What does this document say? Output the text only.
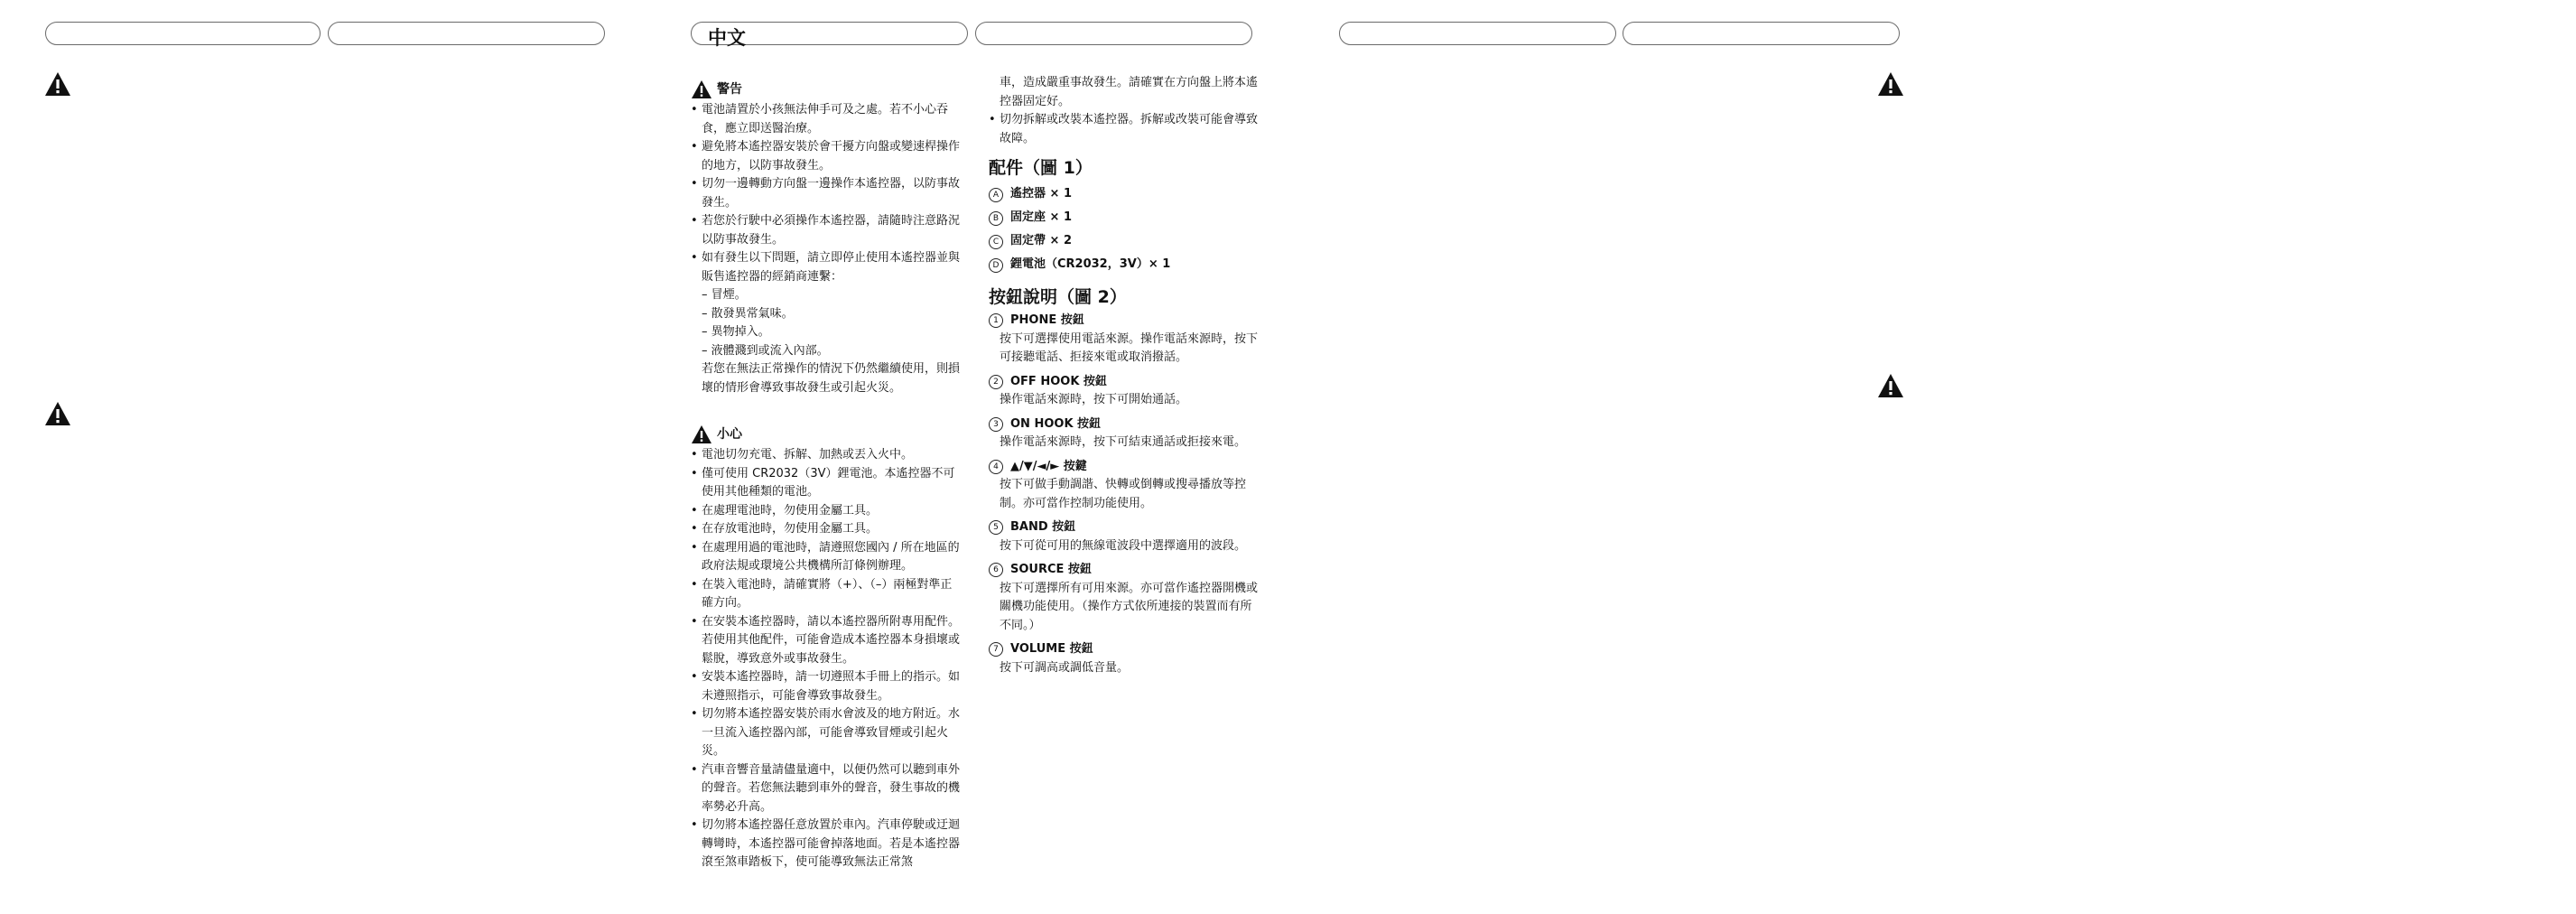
中文
警告
• 電池請置於小孩無法伸手可及之處。若不小心吞食，應立即送醫治療。
• 避免將本遙控器安裝於會干擾方向盤或變速桿操作的地方，以防事故發生。
• 切勿一邊轉動方向盤一邊操作本遙控器，以防事故發生。
• 若您於行駛中必須操作本遙控器，請隨時注意路況以防事故發生。
• 如有發生以下問題，請立即停止使用本遙控器並與販售遙控器的經銷商連繫：
– 冒煙。
– 散發異常氣味。
– 異物掉入。
– 液體濺到或流入內部。
若您在無法正常操作的情況下仍然繼續使用，則損壞的情形會導致事故發生或引起火災。
小心
• 電池切勿充電、拆解、加熱或丟入火中。
• 僅可使用 CR2032（3V）鋰電池。本遙控器不可使用其他種類的電池。
• 在處理電池時，勿使用金屬工具。
• 在存放電池時，勿使用金屬工具。
• 在處理用過的電池時，請遵照您國內 / 所在地區的政府法規或環境公共機構所訂條例辦理。
• 在裝入電池時，請確實將（+）、（–）兩極對準正確方向。
• 在安裝本遙控器時，請以本遙控器所附專用配件。若使用其他配件，可能會造成本遙控器本身損壞或鬆脫，導致意外或事故發生。
• 安裝本遙控器時，請一切遵照本手冊上的指示。如未遵照指示，可能會導致事故發生。
• 切勿將本遙控器安裝於雨水會波及的地方附近。水一旦流入遙控器內部，可能會導致冒煙或引起火災。
• 汽車音響音量請儘量適中，以便仍然可以聽到車外的聲音。若您無法聽到車外的聲音，發生事故的機率勢必升高。
• 切勿將本遙控器任意放置於車內。汽車停駛或迂迴轉彎時，本遙控器可能會掉落地面。若是本遙控器滾至煞車踏板下，使可能導致無法正常煞
車，造成嚴重事故發生。請確實在方向盤上將本遙控器固定好。
• 切勿拆解或改裝本遙控器。拆解或改裝可能會導致故障。
配件（圖 1）
A 遙控器 × 1
B 固定座 × 1
C 固定帶 × 2
D 鋰電池（CR2032，3V）× 1
按鈕說明（圖 2）
1	PHONE 按鈕
按下可選擇使用電話來源。操作電話來源時，按下可接聽電話、拒接來電或取消撥話。
2	OFF HOOK 按鈕
操作電話來源時，按下可開始通話。
3	ON HOOK 按鈕
操作電話來源時，按下可結束通話或拒接來電。
4	▲/▼/◄/► 按鍵
按下可做手動調諧、快轉或倒轉或搜尋播放等控制。亦可當作控制功能使用。
5	BAND 按鈕
按下可從可用的無線電波段中選擇適用的波段。
6	SOURCE 按鈕
按下可選擇所有可用來源。亦可當作遙控器開機或關機功能使用。（操作方式依所連接的裝置而有所不同。）
7	VOLUME 按鈕
按下可調高或調低音量。
